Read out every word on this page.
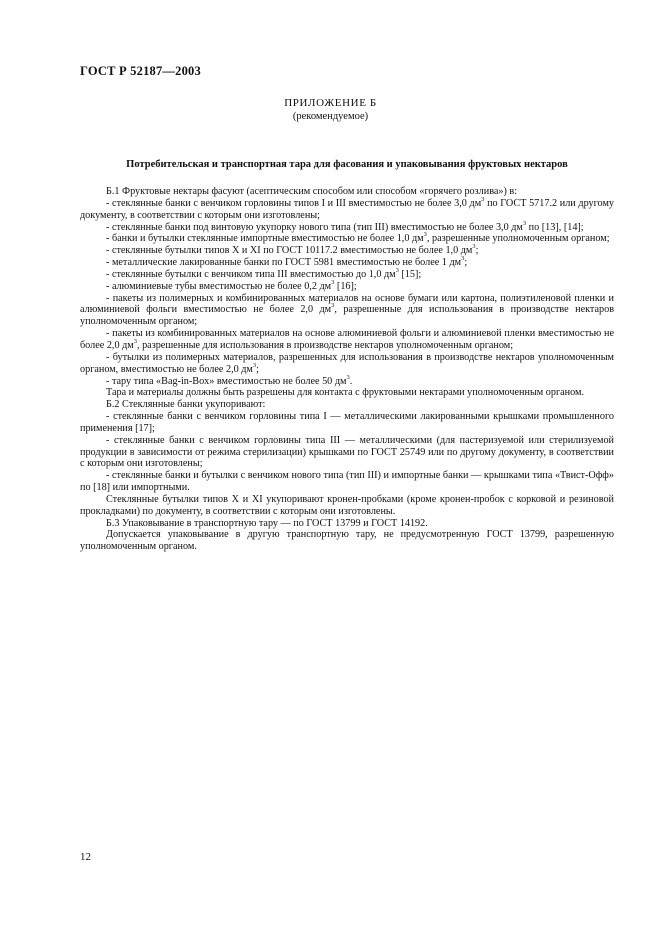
ГОСТ Р 52187—2003
ПРИЛОЖЕНИЕ Б
(рекомендуемое)
Потребительская и транспортная тара для фасования и упаковывания фруктовых нектаров

Б.1 Фруктовые нектары фасуют (асептическим способом или способом «горячего розлива») в:

- стеклянные банки с венчиком горловины типов I и III вместимостью не более 3,0 $дм^3$ по ГОСТ 5717.2 или другому документу, в соответствии с которым они изготовлены;

- стеклянные банки под винтовую укупорку нового типа (тип III) вместимостью не более 3,0 $дм^3$ по [13], [14];

- банки и бутылки стеклянные импортные вместимостью не более 1,0 $дм^3$, разрешенные уполномоченным органом;

- стеклянные бутылки типов X и XI по ГОСТ 10117.2 вместимостью не более 1,0 $дм^3$;

- металлические лакированные банки по ГОСТ 5981 вместимостью не более 1 $дм^3$;

- стеклянные бутылки с венчиком типа III вместимостью до 1,0 $дм^3$ [15];

- алюминиевые тубы вместимостью не более 0,2 $дм^3$ [16];

- пакеты из полимерных и комбинированных материалов на основе бумаги или картона, полиэтиленовой пленки и алюминиевой фольги вместимостью не более 2,0 $дм^3$, разрешенные для использования в производстве нектаров уполномоченным органом;

- пакеты из комбинированных материалов на основе алюминиевой фольги и алюминиевой пленки вместимостью не более 2,0 $дм^3$, разрешенные для использования в производстве нектаров уполномоченным органом;

- бутылки из полимерных материалов, разрешенных для использования в производстве нектаров уполномоченным органом, вместимостью не более 2,0 $дм^3$;

- тару типа «Bag-in-Box» вместимостью не более 50 $дм^3$.

Тара и материалы должны быть разрешены для контакта с фруктовыми нектарами уполномоченным органом.

Б.2 Стеклянные банки укупоривают:

- стеклянные банки с венчиком горловины типа I — металлическими лакированными крышками промышленного применения [17];

- стеклянные банки с венчиком горловины типа III — металлическими (для пастеризуемой или стерилизуемой продукции в зависимости от режима стерилизации) крышками по ГОСТ 25749 или по другому документу, в соответствии с которым они изготовлены;

- стеклянные банки и бутылки с венчиком нового типа (тип III) и импортные банки — крышками типа «Твист-Офф» по [18] или импортными.

Стеклянные бутылки типов X и XI укупоривают кронен-пробками (кроме кронен-пробок с корковой и резиновой прокладками) по документу, в соответствии с которым они изготовлены.

Б.3 Упаковывание в транспортную тару — по ГОСТ 13799 и ГОСТ 14192.

Допускается упаковывание в другую транспортную тару, не предусмотренную ГОСТ 13799, разрешенную уполномоченным органом.

12
